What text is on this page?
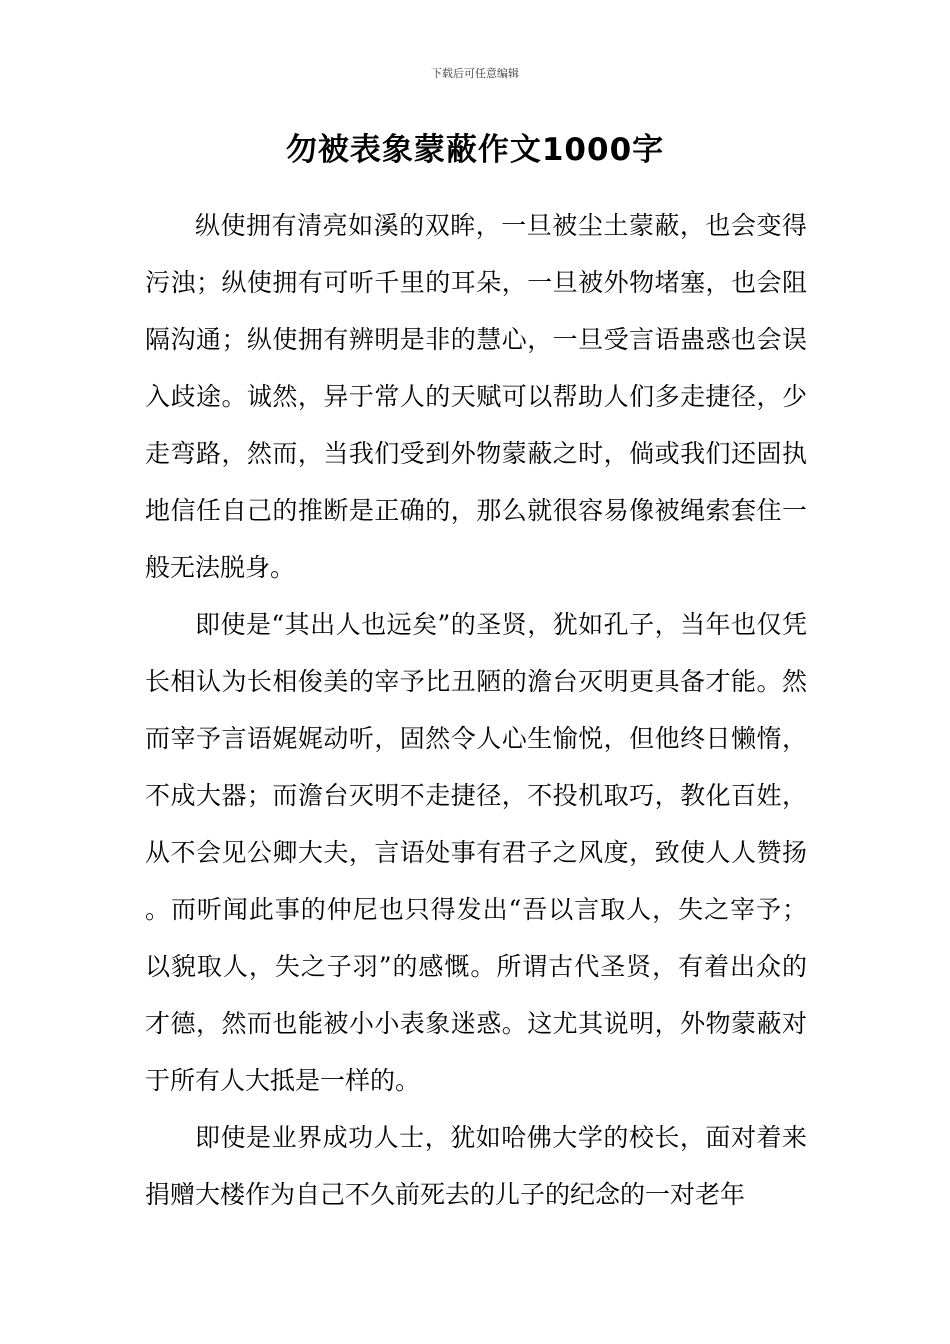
下载后可任意编辑
勿被表象蒙蔽作文1000字

纵使拥有清亮如溪的双眸，一旦被尘土蒙蔽，也会变得污浊；纵使拥有可听千里的耳朵，一旦被外物堵塞，也会阻隔沟通；纵使拥有辨明是非的慧心，一旦受言语蛊惑也会误入歧途。诚然，异于常人的天赋可以帮助人们多走捷径，少走弯路，然而，当我们受到外物蒙蔽之时，倘或我们还固执地信任自己的推断是正确的，那么就很容易像被绳索套住一般无法脱身。

即使是“其出人也远矣”的圣贤，犹如孔子，当年也仅凭长相认为长相俊美的宰予比丑陋的澹台灭明更具备才能。然而宰予言语娓娓动听，固然令人心生愉悦，但他终日懒惰，不成大器；而澹台灭明不走捷径，不投机取巧，教化百姓，从不会见公卿大夫，言语处事有君子之风度，致使人人赞扬。而听闻此事的仲尼也只得发出“吾以言取人，失之宰予；以貌取人，失之子羽”的感慨。所谓古代圣贤，有着出众的才德，然而也能被小小表象迷惑。这尤其说明，外物蒙蔽对于所有人大抵是一样的。

即使是业界成功人士，犹如哈佛大学的校长，面对着来捐赠大楼作为自己不久前死去的儿子的纪念的一对老年
